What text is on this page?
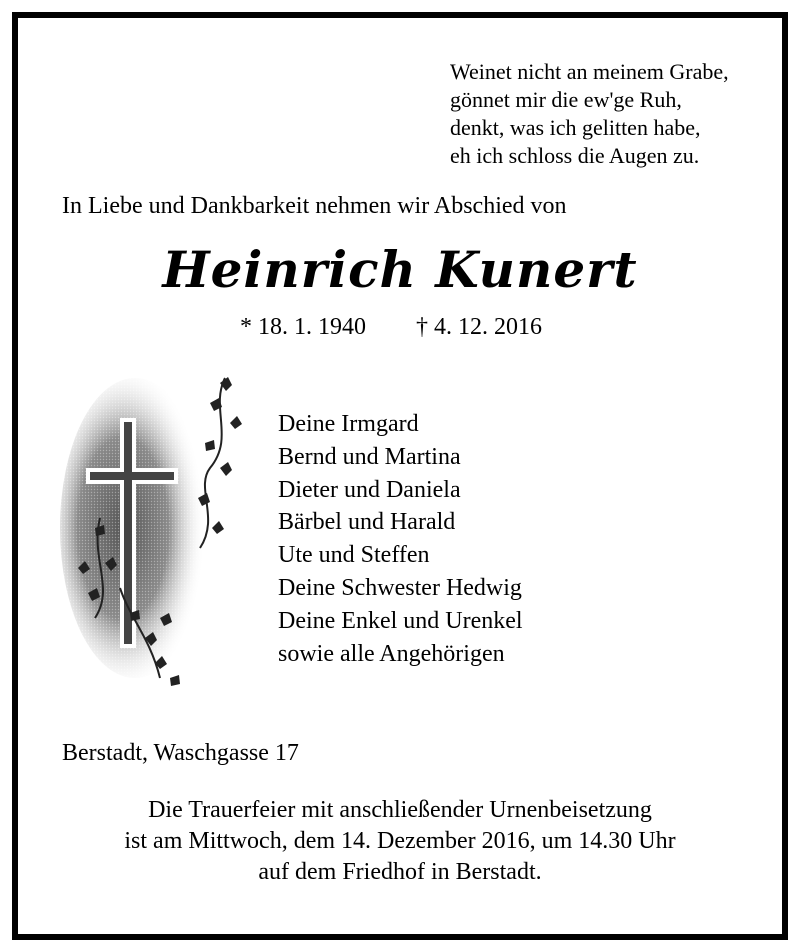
Weinet nicht an meinem Grabe,
gönnet mir die ew'ge Ruh,
denkt, was ich gelitten habe,
eh ich schloss die Augen zu.
In Liebe und Dankbarkeit nehmen wir Abschied von
Heinrich Kunert
* 18. 1. 1940 † 4. 12. 2016
Deine Irmgard
Bernd und Martina
Dieter und Daniela
Bärbel und Harald
Ute und Steffen
Deine Schwester Hedwig
Deine Enkel und Urenkel
sowie alle Angehörigen
Berstadt, Waschgasse 17
Die Trauerfeier mit anschließender Urnenbeisetzung
ist am Mittwoch, dem 14. Dezember 2016, um 14.30 Uhr
auf dem Friedhof in Berstadt.
